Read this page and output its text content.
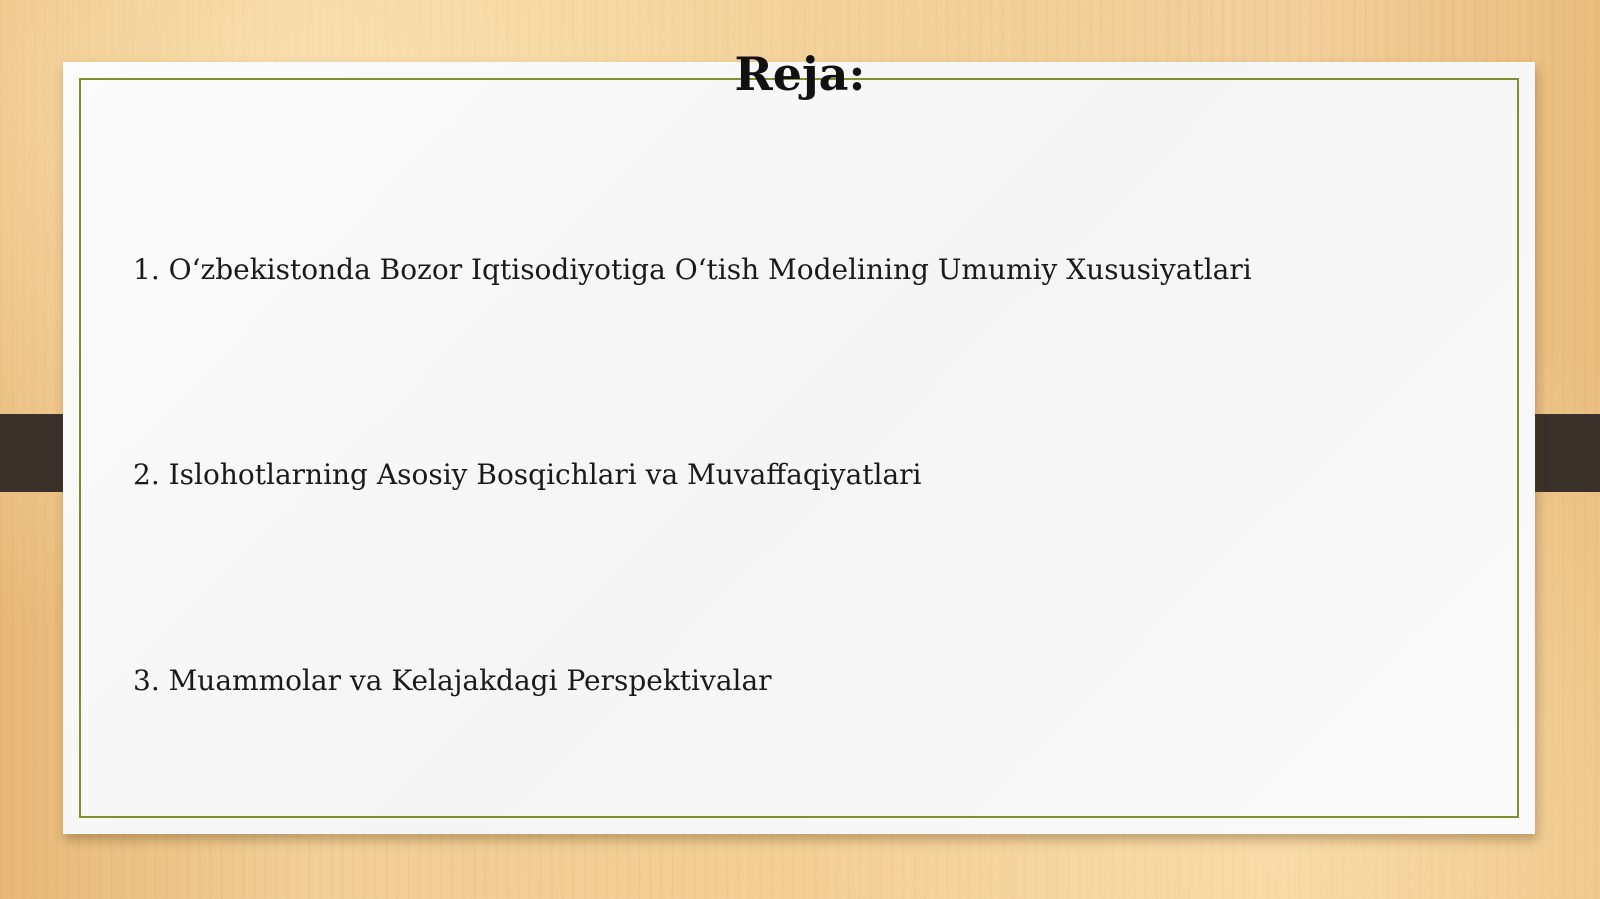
Reja:
1. O‘zbekistonda Bozor Iqtisodiyotiga O‘tish Modelining Umumiy Xususiyatlari
2. Islohotlarning Asosiy Bosqichlari va Muvaffaqiyatlari
3. Muammolar va Kelajakdagi Perspektivalar
